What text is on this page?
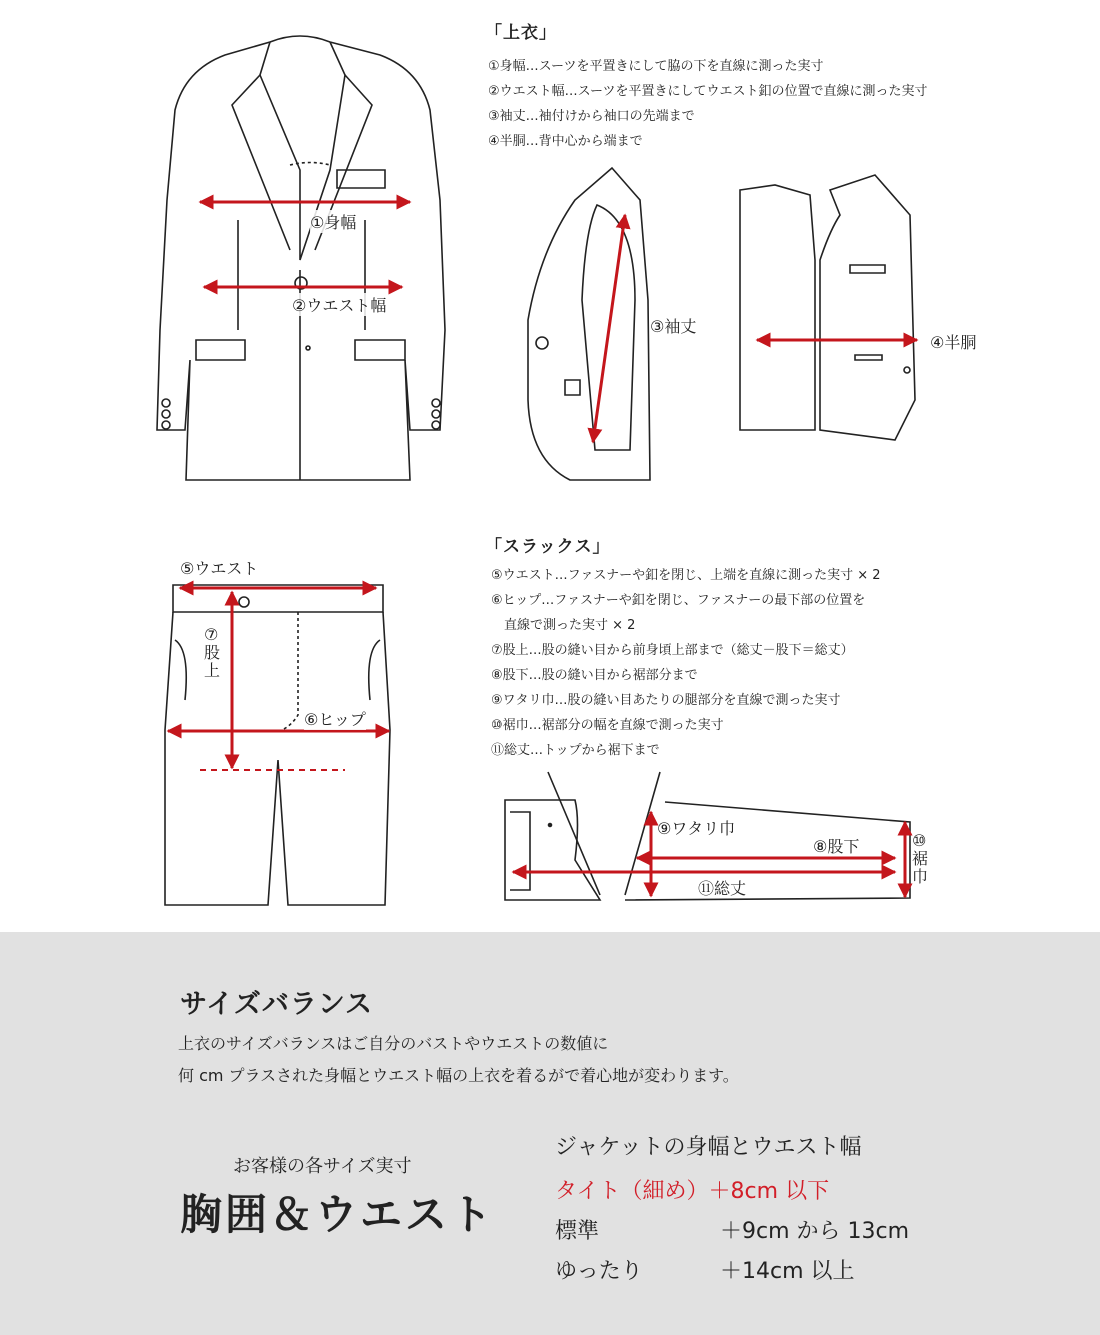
①身幅
②ウエスト幅
③袖丈
④半胴
⑤ウエスト
⑦
股
上
⑥ヒップ
⑨ワタリ巾
⑧股下
⑪総丈
⑩
裾
巾
「上衣」
①身幅…スーツを平置きにして脇の下を直線に測った実寸
②ウエスト幅…スーツを平置きにしてウエスト釦の位置で直線に測った実寸
③袖丈…袖付けから袖口の先端まで
④半胴…背中心から端まで
「スラックス」
⑤ウエスト…ファスナーや釦を閉じ、上端を直線に測った実寸 × 2
⑥ヒップ…ファスナーや釦を閉じ、ファスナーの最下部の位置を
　直線で測った実寸 × 2
⑦股上…股の縫い目から前身頃上部まで（総丈－股下＝総丈）
⑧股下…股の縫い目から裾部分まで
⑨ワタリ巾…股の縫い目あたりの腿部分を直線で測った実寸
⑩裾巾…裾部分の幅を直線で測った実寸
⑪総丈…トップから裾下まで
サイズバランス
上衣のサイズバランスはご自分のバストやウエストの数値に
何 cm プラスされた身幅とウエスト幅の上衣を着るがで着心地が変わります。
お客様の各サイズ実寸
胸囲＆ウエスト
ジャケットの身幅とウエスト幅
タイト（細め）＋8cm 以下
標準	＋9cm から 13cm
ゆったり	＋14cm 以上
